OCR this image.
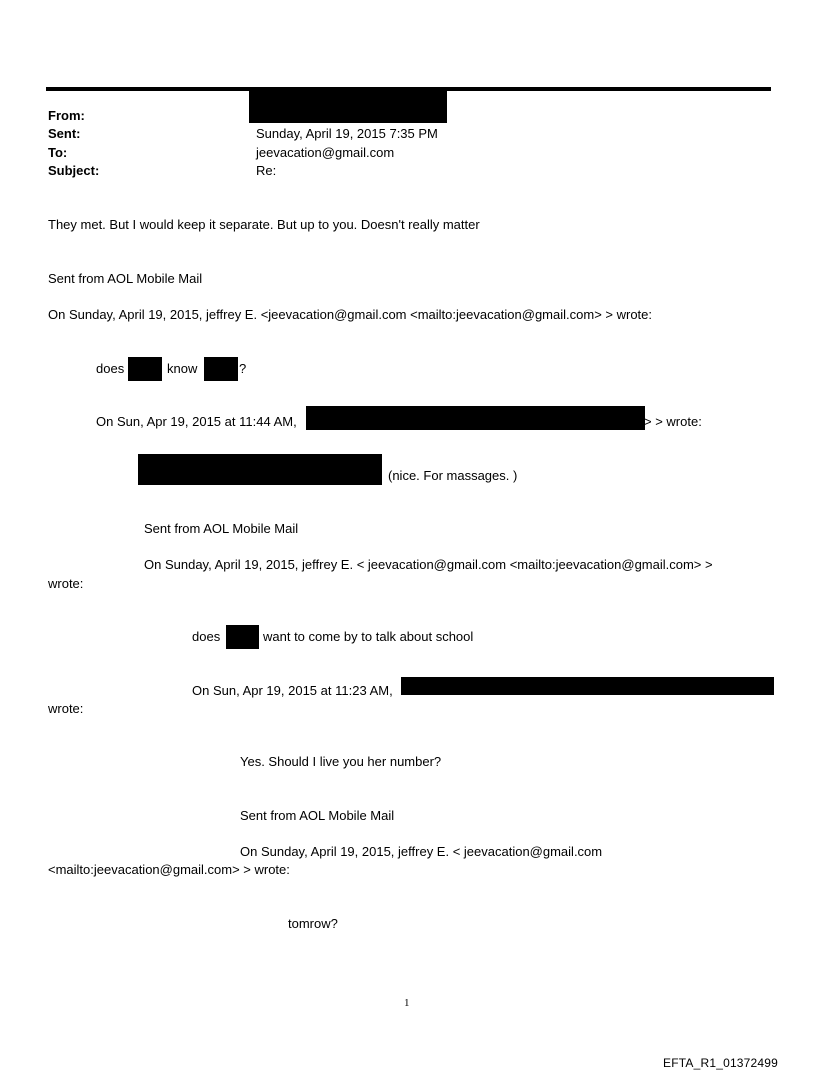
From:
Sent:	Sunday, April 19, 2015 7:35 PM
To:	jeevacation@gmail.com
Subject:	Re:
They met. But I would keep it separate. But up to you. Doesn't really matter
Sent from AOL Mobile Mail
On Sunday, April 19, 2015, jeffrey E. <jeevacation@gmail.com <mailto:jeevacation@gmail.com> > wrote:
does	know	?
On Sun, Apr 19, 2015 at 11:44 AM,	> > wrote:
(nice. For massages. )
Sent from AOL Mobile Mail
On Sunday, April 19, 2015, jeffrey E. < jeevacation@gmail.com <mailto:jeevacation@gmail.com> >
wrote:
does	want to come by to talk about school
On Sun, Apr 19, 2015 at 11:23 AM,
wrote:
Yes. Should I live you her number?
Sent from AOL Mobile Mail
On Sunday, April 19, 2015, jeffrey E. < jeevacation@gmail.com
<mailto:jeevacation@gmail.com> > wrote:
tomrow?
1
EFTA_R1_01372499
